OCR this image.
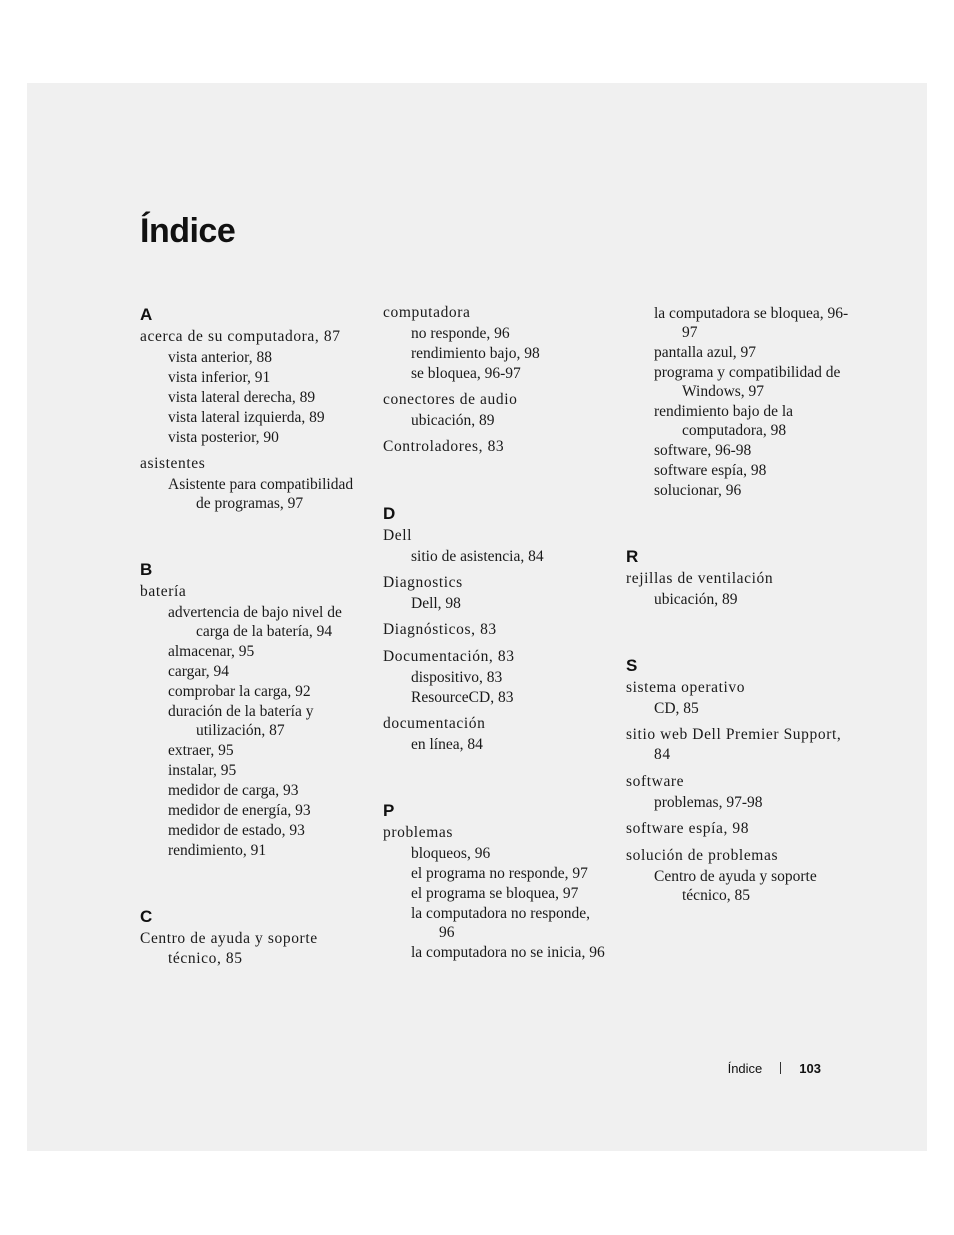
Índice
A
acerca de su computadora, 87
vista anterior, 88
vista inferior, 91
vista lateral derecha, 89
vista lateral izquierda, 89
vista posterior, 90
asistentes
Asistente para compatibilidad de programas, 97
B
batería
advertencia de bajo nivel de carga de la batería, 94
almacenar, 95
cargar, 94
comprobar la carga, 92
duración de la batería y utilización, 87
extraer, 95
instalar, 95
medidor de carga, 93
medidor de energía, 93
medidor de estado, 93
rendimiento, 91
C
Centro de ayuda y soporte técnico, 85
computadora
no responde, 96
rendimiento bajo, 98
se bloquea, 96-97
conectores de audio
ubicación, 89
Controladores, 83
D
Dell
sitio de asistencia, 84
Diagnostics
Dell, 98
Diagnósticos, 83
Documentación, 83
dispositivo, 83
ResourceCD, 83
documentación
en línea, 84
P
problemas
bloqueos, 96
el programa no responde, 97
el programa se bloquea, 97
la computadora no responde, 96
la computadora no se inicia, 96
la computadora se bloquea, 96-97
pantalla azul, 97
programa y compatibilidad de Windows, 97
rendimiento bajo de la computadora, 98
software, 96-98
software espía, 98
solucionar, 96
R
rejillas de ventilación
ubicación, 89
S
sistema operativo
CD, 85
sitio web Dell Premier Support, 84
software
problemas, 97-98
software espía, 98
solución de problemas
Centro de ayuda y soporte técnico, 85
Índice	103
